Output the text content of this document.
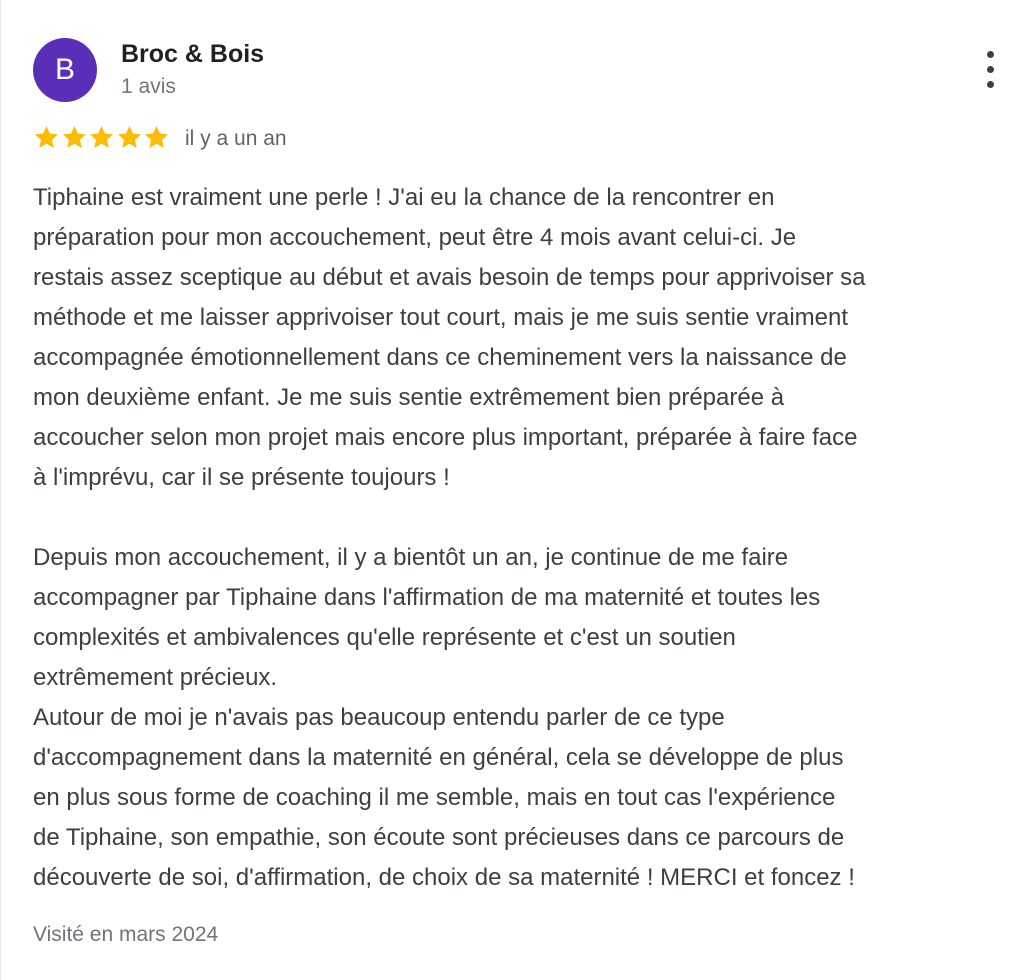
B	Broc & Bois
1 avis
il y a un an

Tiphaine est vraiment une perle ! J'ai eu la chance de la rencontrer en

préparation pour mon accouchement, peut être 4 mois avant celui-ci. Je

restais assez sceptique au début et avais besoin de temps pour apprivoiser sa

méthode et me laisser apprivoiser tout court, mais je me suis sentie vraiment

accompagnée émotionnellement dans ce cheminement vers la naissance de

mon deuxième enfant. Je me suis sentie extrêmement bien préparée à

accoucher selon mon projet mais encore plus important, préparée à faire face

à l'imprévu, car il se présente toujours !

Depuis mon accouchement, il y a bientôt un an, je continue de me faire

accompagner par Tiphaine dans l'affirmation de ma maternité et toutes les

complexités et ambivalences qu'elle représente et c'est un soutien

extrêmement précieux.

Autour de moi je n'avais pas beaucoup entendu parler de ce type

d'accompagnement dans la maternité en général, cela se développe de plus

en plus sous forme de coaching il me semble, mais en tout cas l'expérience

de Tiphaine, son empathie, son écoute sont précieuses dans ce parcours de

découverte de soi, d'affirmation, de choix de sa maternité ! MERCI et foncez !

Visité en mars 2024
